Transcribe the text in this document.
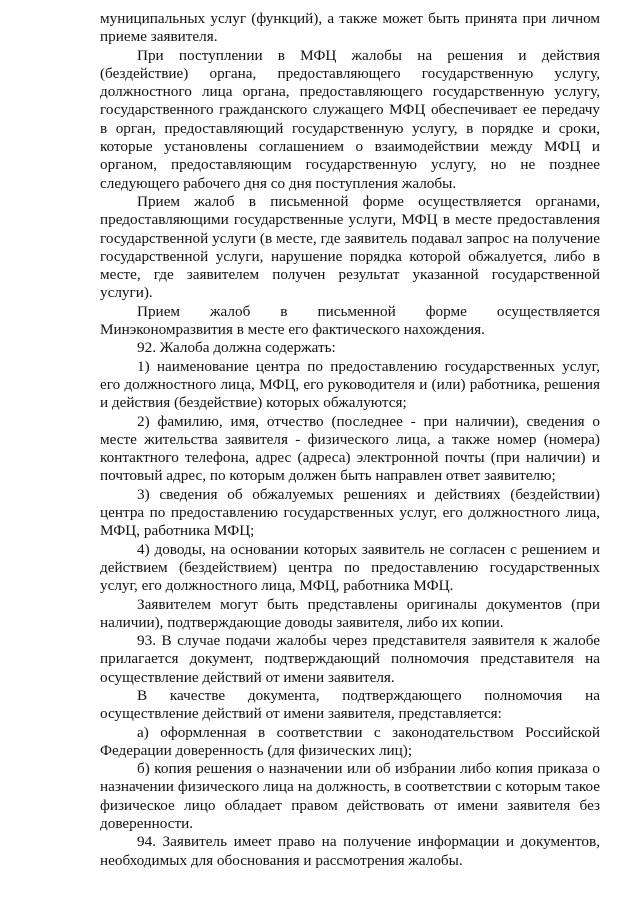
муниципальных услуг (функций), а также может быть принята при личном приеме заявителя.

При поступлении в МФЦ жалобы на решения и действия (бездействие) органа, предоставляющего государственную услугу, должностного лица органа, предоставляющего государственную услугу, государственного гражданского служащего МФЦ обеспечивает ее передачу в орган, предоставляющий государственную услугу, в порядке и сроки, которые установлены соглашением о взаимодействии между МФЦ и органом, предоставляющим государственную услугу, но не позднее следующего рабочего дня со дня поступления жалобы.

Прием жалоб в письменной форме осуществляется органами, предоставляющими государственные услуги, МФЦ в месте предоставления государственной услуги (в месте, где заявитель подавал запрос на получение государственной услуги, нарушение порядка которой обжалуется, либо в месте, где заявителем получен результат указанной государственной услуги).

Прием жалоб в письменной форме осуществляется Минэкономразвития в месте его фактического нахождения.

92. Жалоба должна содержать:

1) наименование центра по предоставлению государственных услуг, его должностного лица, МФЦ, его руководителя и (или) работника, решения и действия (бездействие) которых обжалуются;

2) фамилию, имя, отчество (последнее - при наличии), сведения о месте жительства заявителя - физического лица, а также номер (номера) контактного телефона, адрес (адреса) электронной почты (при наличии) и почтовый адрес, по которым должен быть направлен ответ заявителю;

3) сведения об обжалуемых решениях и действиях (бездействии) центра по предоставлению государственных услуг, его должностного лица, МФЦ, работника МФЦ;

4) доводы, на основании которых заявитель не согласен с решением и действием (бездействием) центра по предоставлению государственных услуг, его должностного лица, МФЦ, работника МФЦ.

Заявителем могут быть представлены оригиналы документов (при наличии), подтверждающие доводы заявителя, либо их копии.

93. В случае подачи жалобы через представителя заявителя к жалобе прилагается документ, подтверждающий полномочия представителя на осуществление действий от имени заявителя.

В качестве документа, подтверждающего полномочия на осуществление действий от имени заявителя, представляется:

а) оформленная в соответствии с законодательством Российской Федерации доверенность (для физических лиц);

б) копия решения о назначении или об избрании либо копия приказа о назначении физического лица на должность, в соответствии с которым такое физическое лицо обладает правом действовать от имени заявителя без доверенности.

94. Заявитель имеет право на получение информации и документов, необходимых для обоснования и рассмотрения жалобы.
